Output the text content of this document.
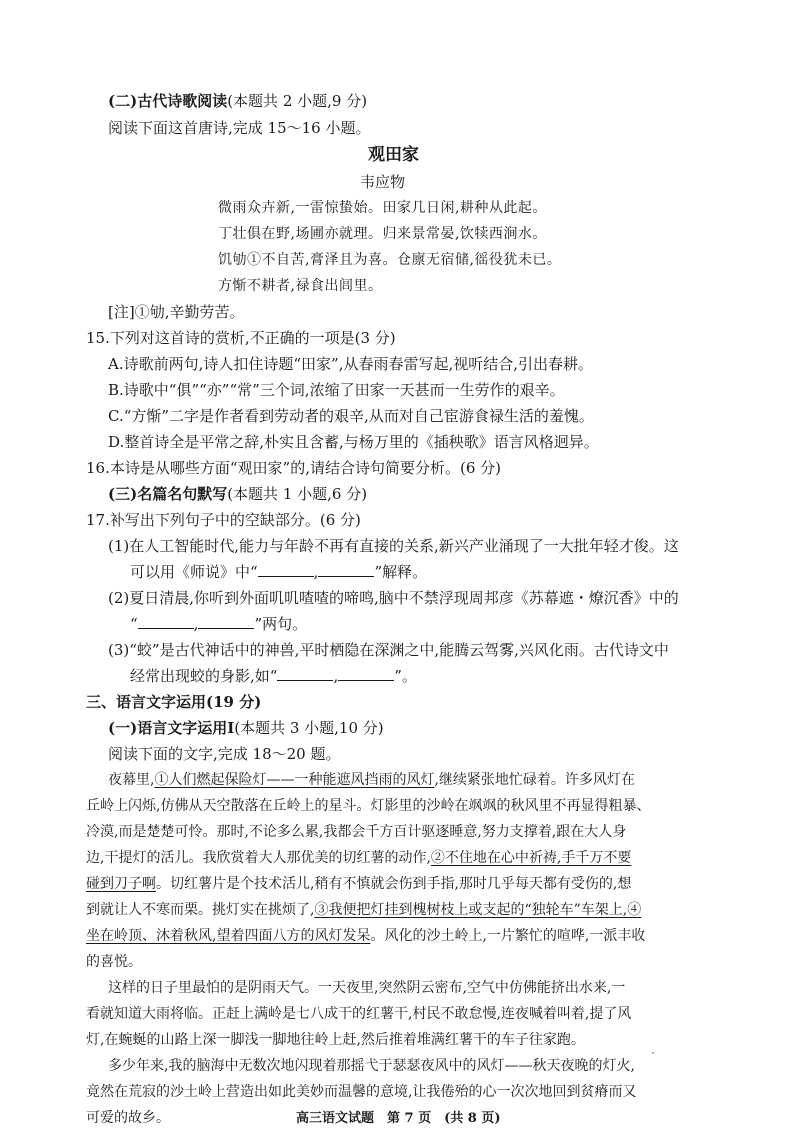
(二)古代诗歌阅读(本题共 2 小题,9 分)
阅读下面这首唐诗,完成 15～16 小题。
观田家
韦应物
微雨众卉新,一雷惊蛰始。田家几日闲,耕种从此起。
丁壮俱在野,场圃亦就理。归来景常晏,饮犊西涧水。
饥劬①不自苦,膏泽且为喜。仓廪无宿储,徭役犹未已。
方惭不耕者,禄食出闾里。
[注]①劬,辛勤劳苦。
15.下列对这首诗的赏析,不正确的一项是(3 分)
A.诗歌前两句,诗人扣住诗题“田家”,从春雨春雷写起,视听结合,引出春耕。
B.诗歌中“俱”“亦”“常”三个词,浓缩了田家一天甚而一生劳作的艰辛。
C.“方惭”二字是作者看到劳动者的艰辛,从而对自己宦游食禄生活的羞愧。
D.整首诗全是平常之辞,朴实且含蓄,与杨万里的《插秧歌》语言风格迥异。
16.本诗是从哪些方面“观田家”的,请结合诗句简要分析。(6 分)
(三)名篇名句默写(本题共 1 小题,6 分)
17.补写出下列句子中的空缺部分。(6 分)
(1)在人工智能时代,能力与年龄不再有直接的关系,新兴产业涌现了一大批年轻才俊。这
可以用《师说》中“	,	”解释。
(2)夏日清晨,你听到外面叽叽喳喳的啼鸣,脑中不禁浮现周邦彦《苏幕遮・燎沉香》中的
“	,	”两句。
(3)“蛟”是古代神话中的神兽,平时栖隐在深渊之中,能腾云驾雾,兴风化雨。古代诗文中
经常出现蛟的身影,如“	,	”。
三、语言文字运用(19 分)
(一)语言文字运用Ⅰ(本题共 3 小题,10 分)
阅读下面的文字,完成 18～20 题。
夜幕里,①人们燃起保险灯——一种能遮风挡雨的风灯,继续紧张地忙碌着。许多风灯在
丘岭上闪烁,仿佛从天空散落在丘岭上的星斗。灯影里的沙岭在飒飒的秋风里不再显得粗暴、
冷漠,而是楚楚可怜。那时,不论多么累,我都会千方百计驱逐睡意,努力支撑着,跟在大人身
边,干提灯的活儿。我欣赏着大人那优美的切红薯的动作,②不住地在心中祈祷,手千万不要
碰到刀子啊。切红薯片是个技术活儿,稍有不慎就会伤到手指,那时几乎每天都有受伤的,想
到就让人不寒而栗。挑灯实在挑烦了,③我便把灯挂到槐树枝上或支起的“独轮车”车架上,④
坐在岭顶、沐着秋风,望着四面八方的风灯发呆。风化的沙土岭上,一片繁忙的喧哗,一派丰收
的喜悦。
这样的日子里最怕的是阴雨天气。一天夜里,突然阴云密布,空气中仿佛能挤出水来,一
看就知道大雨将临。正赶上满岭是七八成干的红薯干,村民不敢怠慢,连夜喊着叫着,提了风
灯,在蜿蜒的山路上深一脚浅一脚地往岭上赶,然后推着堆满红薯干的车子往家跑。
多少年来,我的脑海中无数次地闪现着那摇弋于瑟瑟夜风中的风灯——秋天夜晚的灯火,
竟然在荒寂的沙土岭上营造出如此美妙而温馨的意境,让我倦殆的心一次次地回到贫瘠而又
可爱的故乡。	高三语文试题　第 7 页　(共 8 页)
